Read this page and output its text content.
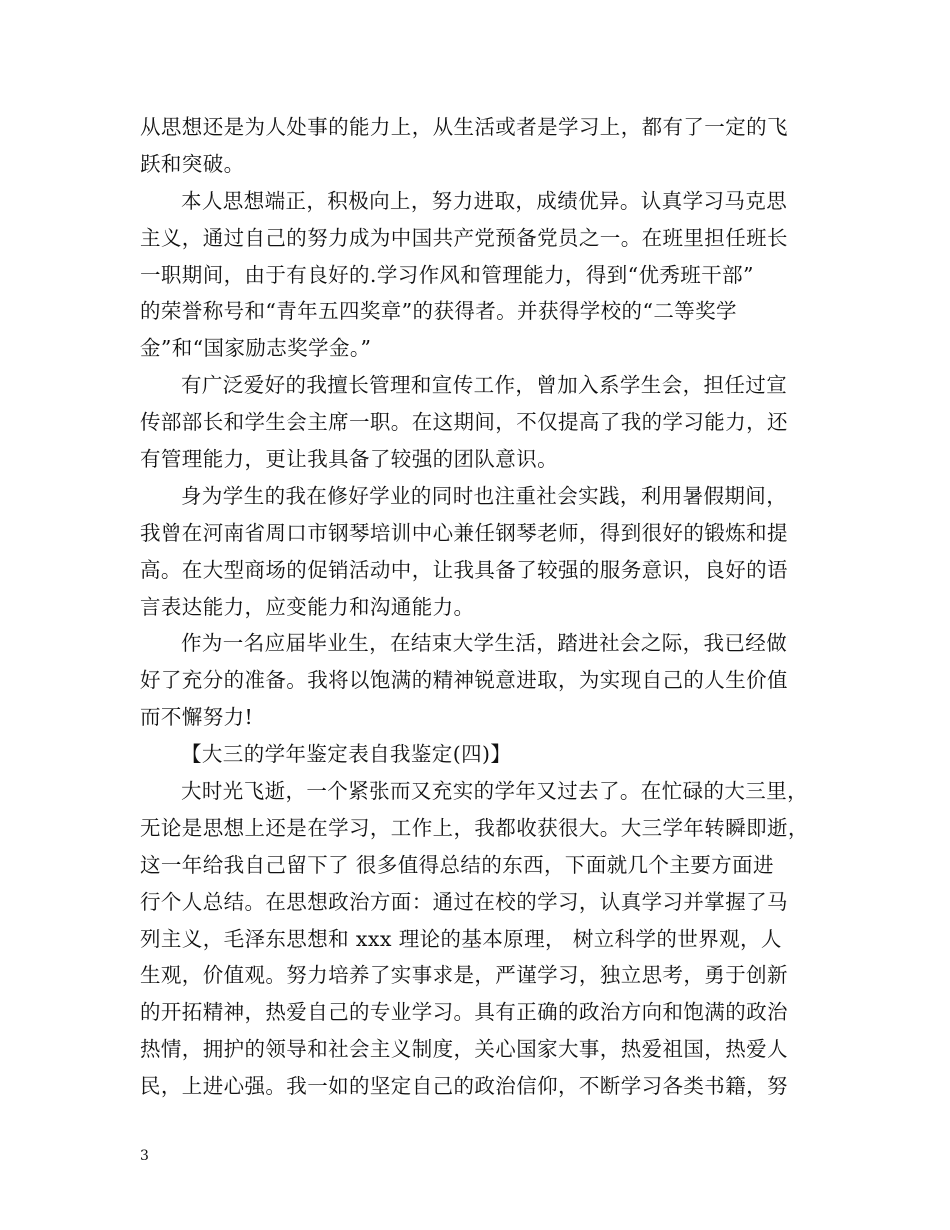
从思想还是为人处事的能力上，从生活或者是学习上，都有了一定的飞
跃和突破。
本人思想端正，积极向上，努力进取，成绩优异。认真学习马克思
主义，通过自己的努力成为中国共产党预备党员之一。在班里担任班长
一职期间，由于有良好的.学习作风和管理能力，得到“优秀班干部”
的荣誉称号和“青年五四奖章”的获得者。并获得学校的“二等奖学
金”和“国家励志奖学金。”
有广泛爱好的我擅长管理和宣传工作，曾加入系学生会，担任过宣
传部部长和学生会主席一职。在这期间，不仅提高了我的学习能力，还
有管理能力，更让我具备了较强的团队意识。
身为学生的我在修好学业的同时也注重社会实践，利用暑假期间，
我曾在河南省周口市钢琴培训中心兼任钢琴老师，得到很好的锻炼和提
高。在大型商场的促销活动中，让我具备了较强的服务意识，良好的语
言表达能力，应变能力和沟通能力。
作为一名应届毕业生，在结束大学生活，踏进社会之际，我已经做
好了充分的准备。我将以饱满的精神锐意进取，为实现自己的人生价值
而不懈努力!
【大三的学年鉴定表自我鉴定(四)】
大时光飞逝，一个紧张而又充实的学年又过去了。在忙碌的大三里，
无论是思想上还是在学习，工作上，我都收获很大。大三学年转瞬即逝，
这一年给我自己留下了 很多值得总结的东西，下面就几个主要方面进
行个人总结。在思想政治方面：通过在校的学习，认真学习并掌握了马
列主义，毛泽东思想和 xxx 理论的基本原理， 树立科学的世界观，人
生观，价值观。努力培养了实事求是，严谨学习，独立思考，勇于创新
的开拓精神，热爱自己的专业学习。具有正确的政治方向和饱满的政治
热情，拥护的领导和社会主义制度，关心国家大事，热爱祖国，热爱人
民，上进心强。我一如的坚定自己的政治信仰，不断学习各类书籍，努
3
